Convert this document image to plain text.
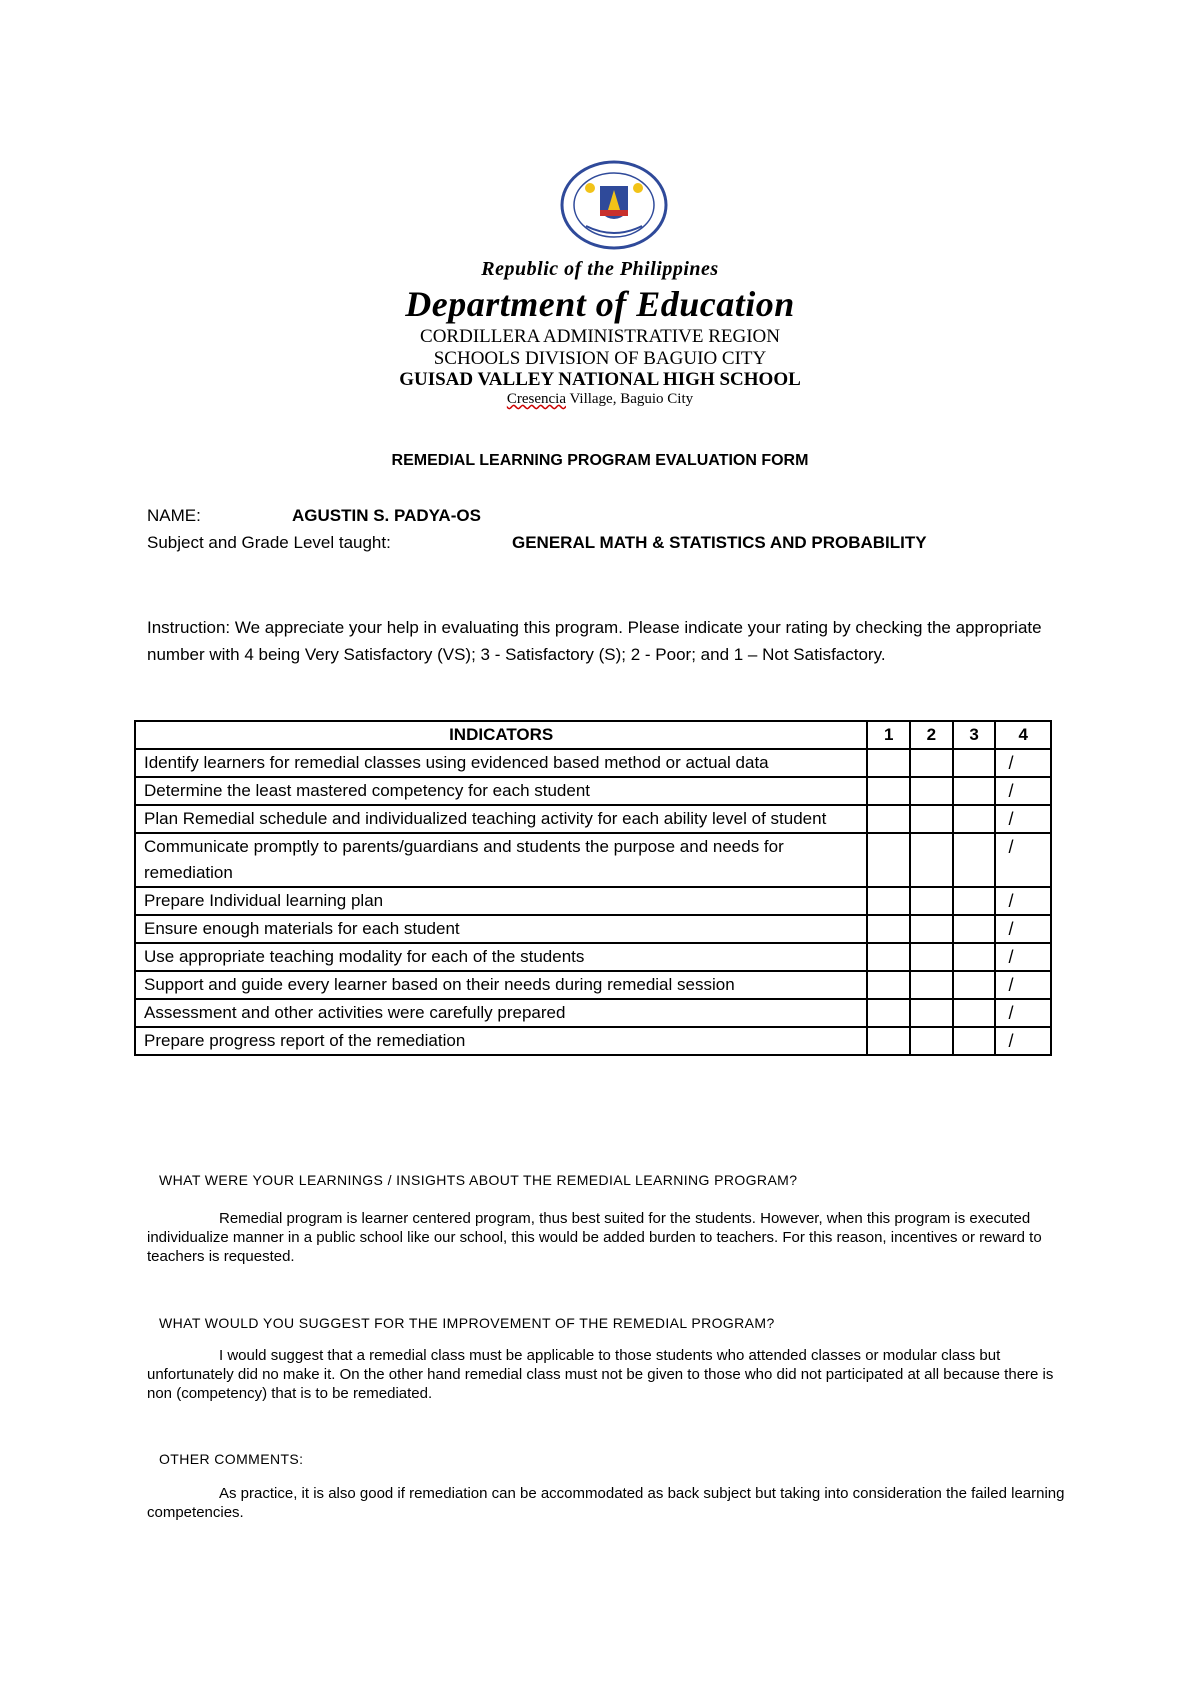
Republic of the Philippines
Department of Education
CORDILLERA ADMINISTRATIVE REGION
SCHOOLS DIVISION OF BAGUIO CITY
GUISAD VALLEY NATIONAL HIGH SCHOOL
Cresencia Village, Baguio City
REMEDIAL LEARNING PROGRAM EVALUATION FORM
NAME:	AGUSTIN S. PADYA-OS
Subject and Grade Level taught:	GENERAL MATH & STATISTICS AND PROBABILITY
Instruction: We appreciate your help in evaluating this program. Please indicate your rating by checking the appropriate number with 4 being Very Satisfactory (VS); 3 - Satisfactory (S); 2 - Poor; and 1 – Not Satisfactory.
INDICATORS	1	2	3	4
Identify learners for remedial classes using evidenced based method or actual data				/
Determine the least mastered competency for each student				/
Plan Remedial schedule and individualized teaching activity for each ability level of student				/
Communicate promptly to parents/guardians and students the purpose and needs for remediation				/
Prepare Individual learning plan				/
Ensure enough materials for each student				/
Use appropriate teaching modality for each of the students				/
Support and guide every learner based on their needs during remedial session				/
Assessment and other activities were carefully prepared				/
Prepare progress report of the remediation				/
WHAT WERE YOUR LEARNINGS / INSIGHTS ABOUT THE REMEDIAL LEARNING PROGRAM?
Remedial program is learner centered program, thus best suited for the students. However, when this program is executed individualize manner in a public school like our school, this would be added burden to teachers. For this reason, incentives or reward to teachers is requested.
WHAT WOULD YOU SUGGEST FOR THE IMPROVEMENT OF THE REMEDIAL PROGRAM?
I would suggest that a remedial class must be applicable to those students who attended classes or modular class but unfortunately did no make it. On the other hand remedial class must not be given to those who did not participated at all because there is non (competency) that is to be remediated.
OTHER COMMENTS:
As practice, it is also good if remediation can be accommodated as back subject but taking into consideration the failed learning competencies.
